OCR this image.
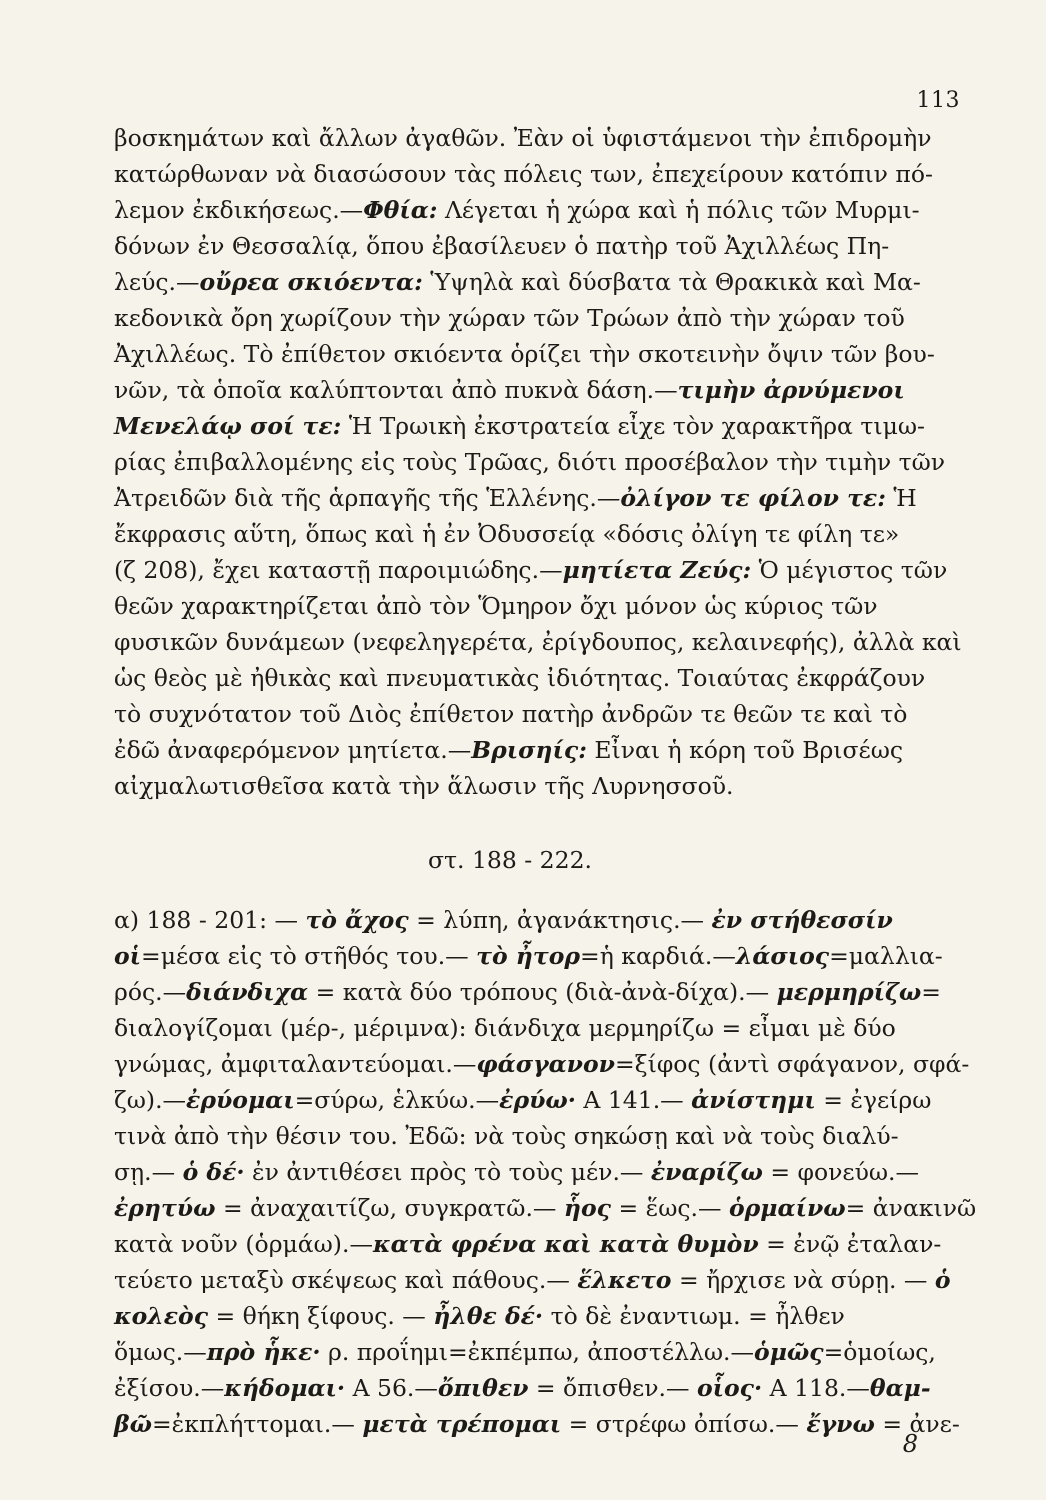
113

βοσκημάτων καὶ ἄλλων ἀγαθῶν. Ἐὰν οἱ ὑφιστάμενοι τὴν ἐπιδρομὴν
κατώρθωναν νὰ διασώσουν τὰς πόλεις των, ἐπεχείρουν κατόπιν πό-
λεμον ἐκδικήσεως.—Φθία: Λέγεται ἡ χώρα καὶ ἡ πόλις τῶν Μυρμι-
δόνων ἐν Θεσσαλίᾳ, ὅπου ἐβασίλευεν ὁ πατὴρ τοῦ Ἀχιλλέως Πη-
λεύς.—οὔρεα σκιόεντα: Ὑψηλὰ καὶ δύσβατα τὰ Θρακικὰ καὶ Μα-
κεδονικὰ ὄρη χωρίζουν τὴν χώραν τῶν Τρώων ἀπὸ τὴν χώραν τοῦ
Ἀχιλλέως. Τὸ ἐπίθετον σκιόεντα ὁρίζει τὴν σκοτεινὴν ὄψιν τῶν βου-
νῶν, τὰ ὁποῖα καλύπτονται ἀπὸ πυκνὰ δάση.—τιμὴν ἀρνύμενοι
Μενελάῳ σοί τε: Ἡ Τρωικὴ ἐκστρατεία εἶχε τὸν χαρακτῆρα τιμω-
ρίας ἐπιβαλλομένης εἰς τοὺς Τρῶας, διότι προσέβαλον τὴν τιμὴν τῶν
Ἀτρειδῶν διὰ τῆς ἁρπαγῆς τῆς Ἑλλένης.—ὀλίγον τε φίλον τε: Ἡ
ἔκφρασις αὕτη, ὅπως καὶ ἡ ἐν Ὀδυσσείᾳ «δόσις ὀλίγη τε φίλη τε»
(ζ 208), ἔχει καταστῇ παροιμιώδης.—μητίετα Ζεύς: Ὁ μέγιστος τῶν
θεῶν χαρακτηρίζεται ἀπὸ τὸν Ὅμηρον ὄχι μόνον ὡς κύριος τῶν
φυσικῶν δυνάμεων (νεφεληγερέτα, ἐρίγδουπος, κελαινεφής), ἀλλὰ καὶ
ὡς θεὸς μὲ ἠθικὰς καὶ πνευματικὰς ἰδιότητας. Τοιαύτας ἐκφράζουν
τὸ συχνότατον τοῦ Διὸς ἐπίθετον πατὴρ ἀνδρῶν τε θεῶν τε καὶ τὸ
ἐδῶ ἀναφερόμενον μητίετα.—Βρισηίς: Εἶναι ἡ κόρη τοῦ Βρισέως
αἰχμαλωτισθεῖσα κατὰ τὴν ἅλωσιν τῆς Λυρνησσοῦ.

στ. 188 - 222.

α) 188 - 201: — τὸ ἄχος = λύπη, ἀγανάκτησις.— ἐν στήθεσσίν
οἱ=μέσα εἰς τὸ στῆθός του.— τὸ ἦτορ=ἡ καρδιά.—λάσιος=μαλλια-
ρός.—διάνδιχα = κατὰ δύο τρόπους (διὰ-ἀνὰ-δίχα).— μερμηρίζω=
διαλογίζομαι (μέρ-, μέριμνα): διάνδιχα μερμηρίζω = εἶμαι μὲ δύο
γνώμας, ἀμφιταλαντεύομαι.—φάσγανον=ξίφος (ἀντὶ σφάγανον, σφά-
ζω).—ἐρύομαι=σύρω, ἑλκύω.—ἐρύω· Α 141.— ἀνίστημι = ἐγείρω
τινὰ ἀπὸ τὴν θέσιν του. Ἐδῶ: νὰ τοὺς σηκώσῃ καὶ νὰ τοὺς διαλύ-
σῃ.— ὁ δέ· ἐν ἀντιθέσει πρὸς τὸ τοὺς μέν.— ἐναρίζω = φονεύω.—
ἐρητύω = ἀναχαιτίζω, συγκρατῶ.— ἧος = ἕως.— ὁρμαίνω= ἀνακινῶ
κατὰ νοῦν (ὁρμάω).—κατὰ φρένα καὶ κατὰ θυμὸν = ἐνῷ ἐταλαν-
τεύετο μεταξὺ σκέψεως καὶ πάθους.— ἕλκετο = ἤρχισε νὰ σύρῃ. — ὁ
κολεὸς = θήκη ξίφους. — ἦλθε δέ· τὸ δὲ ἐναντιωμ. = ἦλθεν
ὅμως.—πρὸ ἧκε· ρ. προΐημι=ἐκπέμπω, ἀποστέλλω.—ὁμῶς=ὁμοίως,
ἐξίσου.—κήδομαι· Α 56.—ὄπιθεν = ὄπισθεν.— οἷος· Α 118.—θαμ-
βῶ=ἐκπλήττομαι.— μετὰ τρέπομαι = στρέφω ὀπίσω.— ἔγνω = ἀνε-

8
